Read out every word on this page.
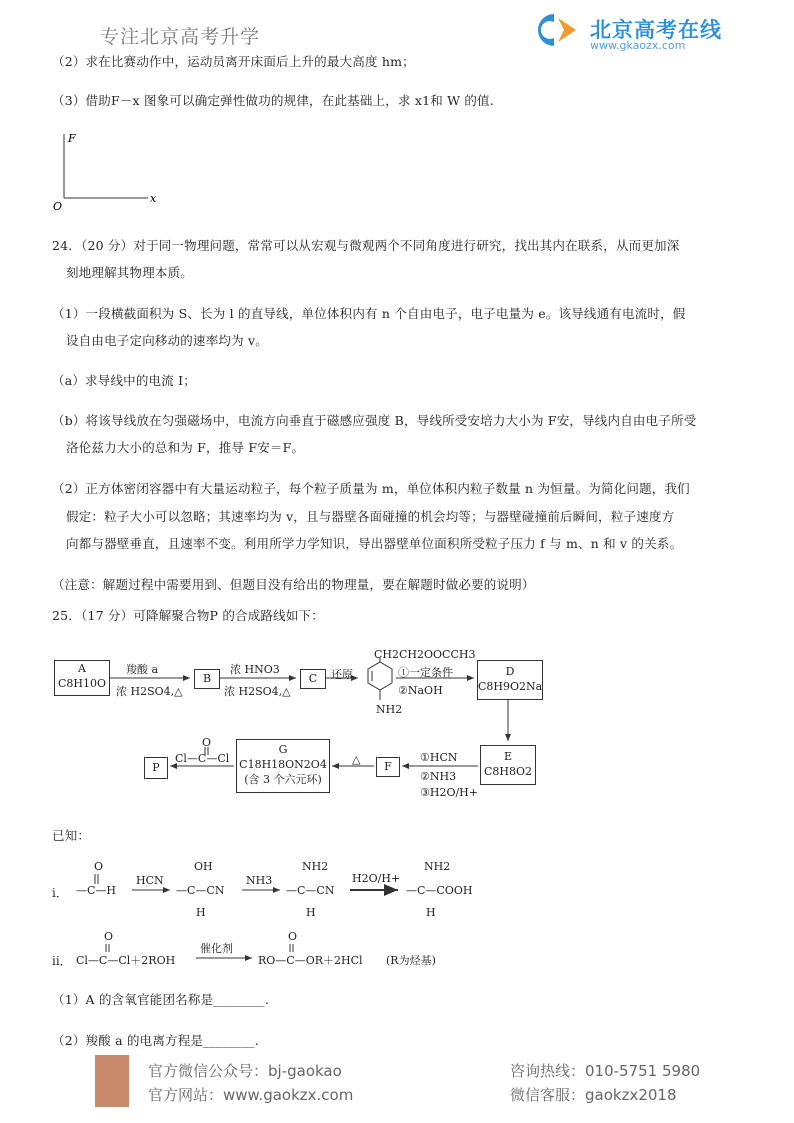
专注北京高考升学	北京高考在线
www.gkaozx.com
（2）求在比赛动作中，运动员离开床面后上升的最大高度 hm；
（3）借助F－x 图象可以确定弹性做功的规律，在此基础上，求 x1和 W 的值.
F
x
O
24．（20 分）对于同一物理问题，常常可以从宏观与微观两个不同角度进行研究，找出其内在联系，从而更加深
刻地理解其物理本质。
（1）一段横截面积为 S、长为 l 的直导线，单位体积内有 n 个自由电子，电子电量为 e。该导线通有电流时，假
设自由电子定向移动的速率均为 v。
（a）求导线中的电流 I；
（b）将该导线放在匀强磁场中，电流方向垂直于磁感应强度 B，导线所受安培力大小为 F安，导线内自由电子所受
洛伦兹力大小的总和为 F，推导 F安＝F。
（2）正方体密闭容器中有大量运动粒子，每个粒子质量为 m，单位体积内粒子数量 n 为恒量。为简化问题，我们
假定：粒子大小可以忽略；其速率均为 v，且与器壁各面碰撞的机会均等；与器壁碰撞前后瞬间，粒子速度方
向都与器壁垂直，且速率不变。利用所学力学知识，导出器壁单位面积所受粒子压力 f 与 m、n 和 v 的关系。
（注意：解题过程中需要用到、但题目没有给出的物理量，要在解题时做必要的说明）
25．（17 分）可降解聚合物P 的合成路线如下：
A
C8H10O
羧酸 a
浓 H2SO4,△
B
浓 HNO3
浓 H2SO4,△
C	还原
CH2CH2OOCCH3
NH2
①一定条件
②NaOH
D
C8H9O2Na
E
C8H8O2
①HCN
②NH3
③H2O/H+
F
△
G
C18H18ON2O4
(含 3 个六元环)
O
Cl—C—Cl
P
已知：
i．
O
—C—H
HCN
OH
—C—CN
H
NH3
NH2
—C—CN
H
H2O/H+
NH2
—C—COOH
H
ii．
O
Cl—C—Cl＋2ROH
催化剂
O
RO—C—OR＋2HCl (R为烃基)
（1）A 的含氧官能团名称是________.
（2）羧酸 a 的电离方程是________.
官方微信公众号：bj-gaokao
官方网站：www.gaokzx.com
咨询热线：010-5751 5980
微信客服：gaokzx2018
